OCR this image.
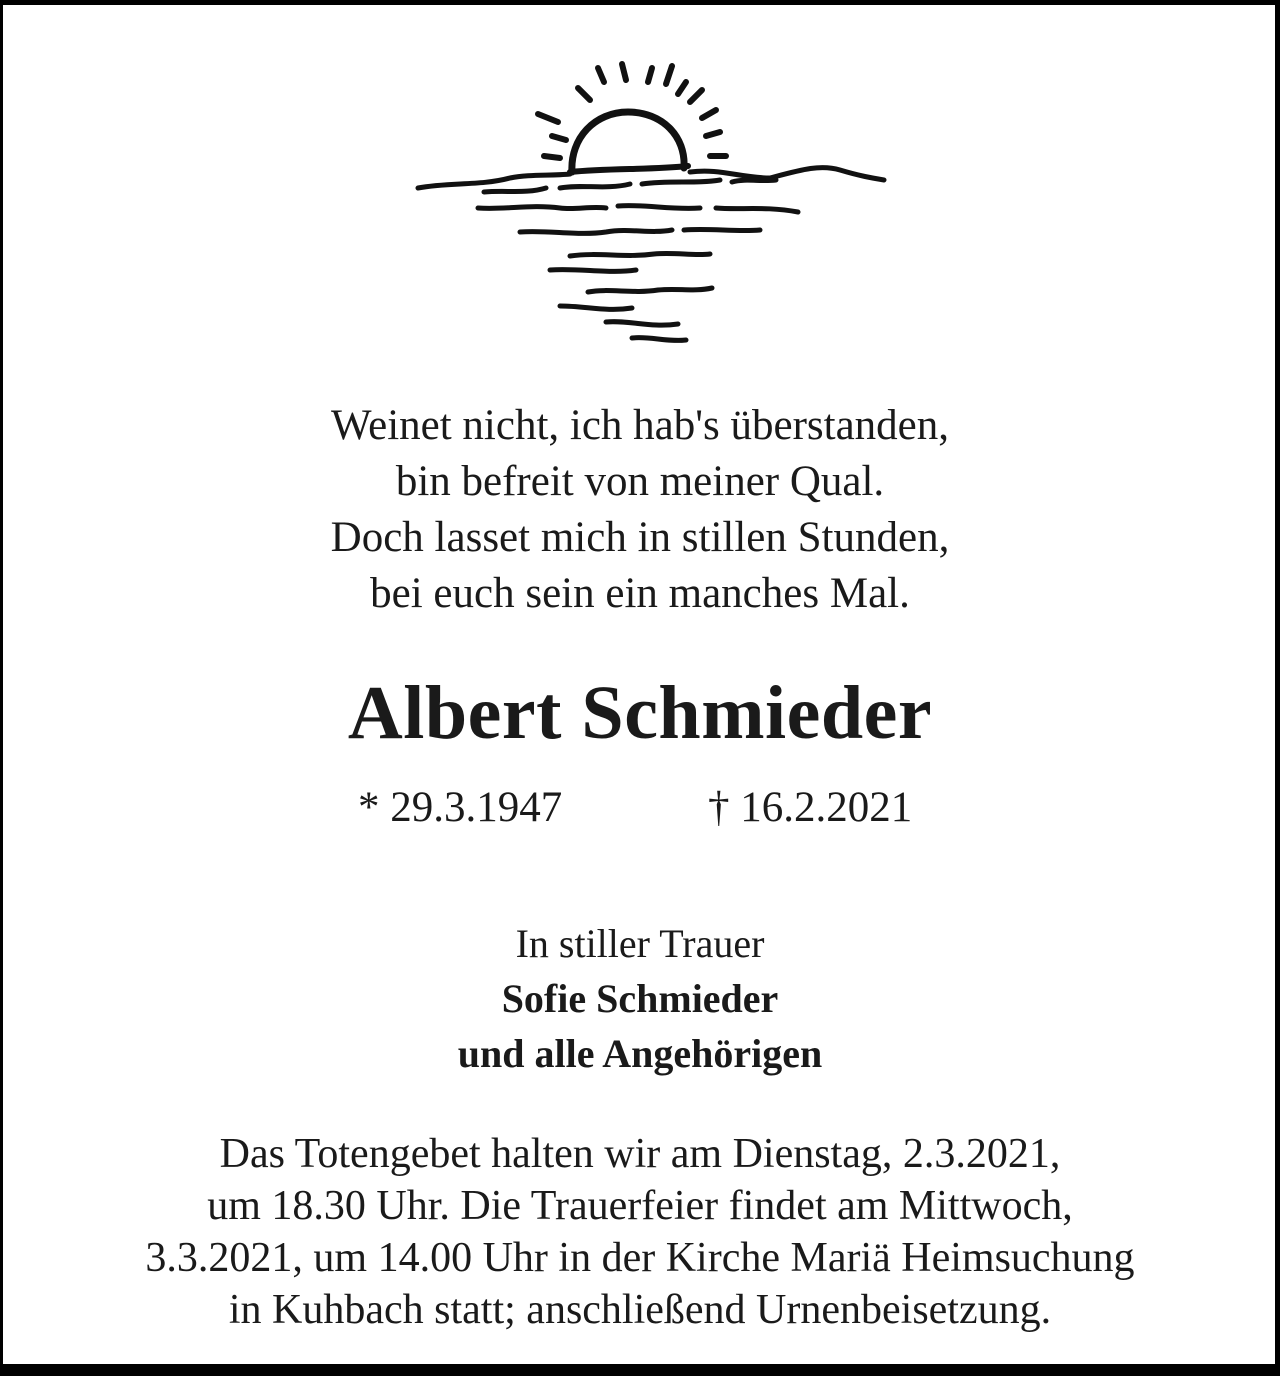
Weinet nicht, ich hab's überstanden,
bin befreit von meiner Qual.
Doch lasset mich in stillen Stunden,
bei euch sein ein manches Mal.
Albert Schmieder
* 29.3.1947	† 16.2.2021
In stiller Trauer
Sofie Schmieder
und alle Angehörigen
Das Totengebet halten wir am Dienstag, 2.3.2021,
um 18.30 Uhr. Die Trauerfeier findet am Mittwoch,
3.3.2021, um 14.00 Uhr in der Kirche Mariä Heimsuchung
in Kuhbach statt; anschließend Urnenbeisetzung.
